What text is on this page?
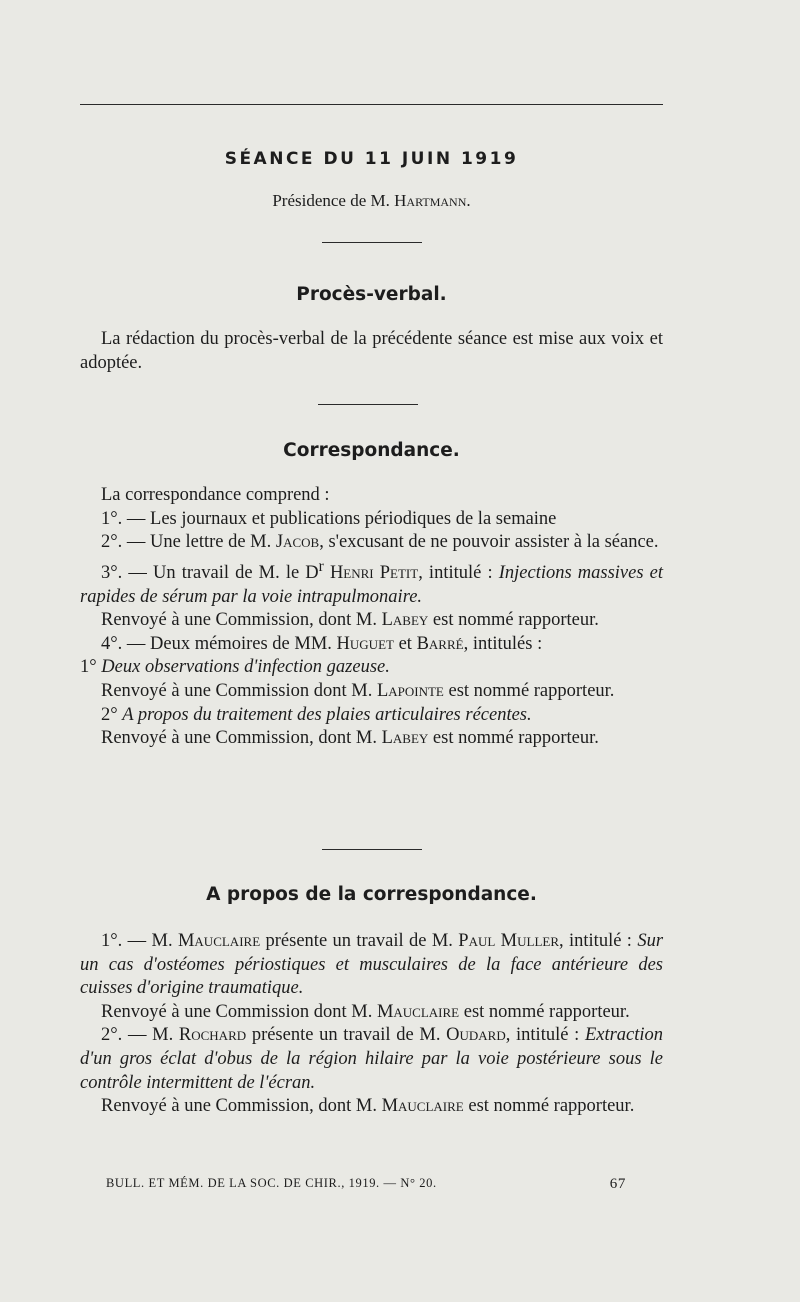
SÉANCE DU 11 JUIN 1919
Présidence de M. Hartmann.
Procès-verbal.

La rédaction du procès-verbal de la précédente séance est mise aux voix et adoptée.

Correspondance.

La correspondance comprend :

1°. — Les journaux et publications périodiques de la semaine

2°. — Une lettre de M. Jacob, s'excusant de ne pouvoir assister à la séance.

3°. — Un travail de M. le $D^r$ Henri Petit, intitulé : Injections massives et rapides de sérum par la voie intrapulmonaire.

Renvoyé à une Commission, dont M. Labey est nommé rapporteur.

4°. — Deux mémoires de MM. Huguet et Barré, intitulés :

1° Deux observations d'infection gazeuse.

Renvoyé à une Commission dont M. Lapointe est nommé rapporteur.

2° A propos du traitement des plaies articulaires récentes.

Renvoyé à une Commission, dont M. Labey est nommé rapporteur.

A propos de la correspondance.

1°. — M. Mauclaire présente un travail de M. Paul Muller, intitulé : Sur un cas d'ostéomes périostiques et musculaires de la face antérieure des cuisses d'origine traumatique.

Renvoyé à une Commission dont M. Mauclaire est nommé rapporteur.

2°. — M. Rochard présente un travail de M. Oudard, intitulé : Extraction d'un gros éclat d'obus de la région hilaire par la voie postérieure sous le contrôle intermittent de l'écran.

Renvoyé à une Commission, dont M. Mauclaire est nommé rapporteur.

BULL. ET MÉM. DE LA SOC. DE CHIR., 1919. — N° 20.	67
